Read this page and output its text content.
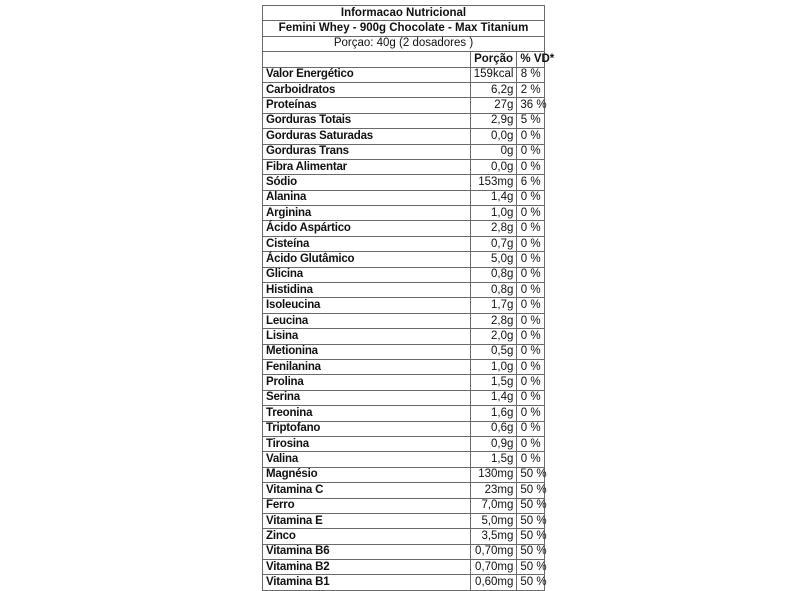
Informacao Nutricional		
Femini Whey - 900g Chocolate - Max Titanium		
Porçao: 40g (2 dosadores )		
	Porção	% VD*
Valor Energético	159kcal	8 %
Carboidratos	6,2g	2 %
Proteínas	27g	36 %
Gorduras Totais	2,9g	5 %
Gorduras Saturadas	0,0g	0 %
Gorduras Trans	0g	0 %
Fibra Alimentar	0,0g	0 %
Sódio	153mg	6 %
Alanina	1,4g	0 %
Arginina	1,0g	0 %
Ácido Aspártico	2,8g	0 %
Cisteína	0,7g	0 %
Ácido Glutâmico	5,0g	0 %
Glicina	0,8g	0 %
Histidina	0,8g	0 %
Isoleucina	1,7g	0 %
Leucina	2,8g	0 %
Lisina	2,0g	0 %
Metionina	0,5g	0 %
Fenilanina	1,0g	0 %
Prolina	1,5g	0 %
Serina	1,4g	0 %
Treonina	1,6g	0 %
Triptofano	0,6g	0 %
Tirosina	0,9g	0 %
Valina	1,5g	0 %
Magnésio	130mg	50 %
Vitamina C	23mg	50 %
Ferro	7,0mg	50 %
Vitamina E	5,0mg	50 %
Zinco	3,5mg	50 %
Vitamina B6	0,70mg	50 %
Vitamina B2	0,70mg	50 %
Vitamina B1	0,60mg	50 %
